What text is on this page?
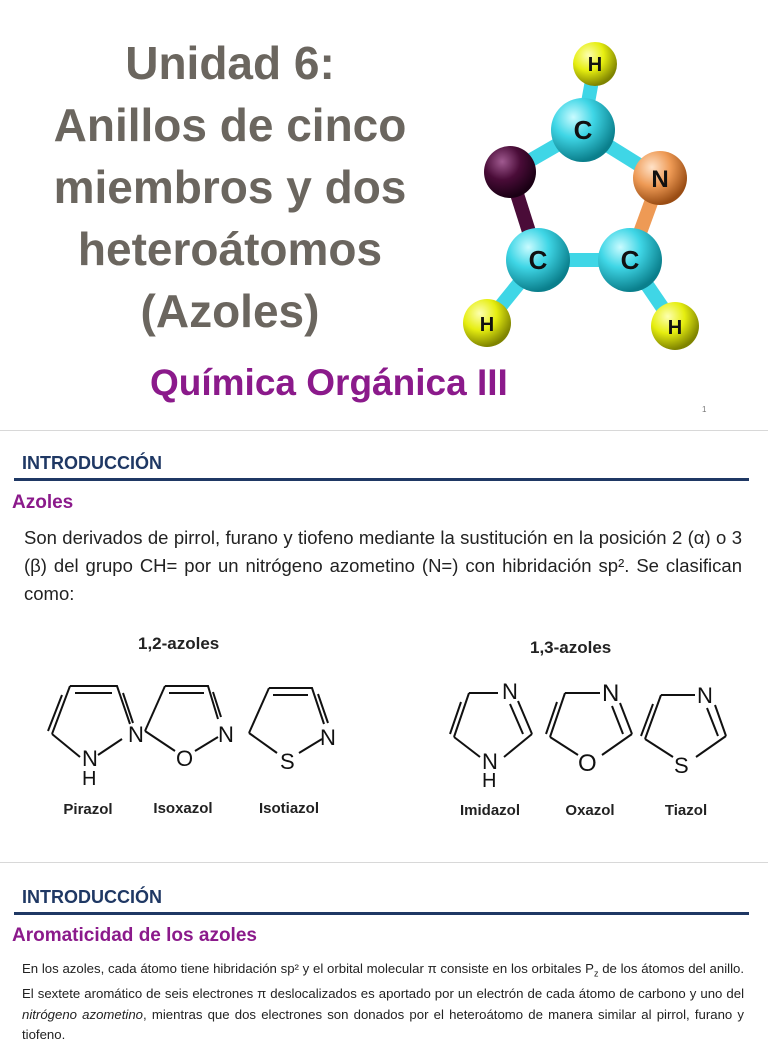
Unidad 6:
Anillos de cinco
miembros y dos
heteroátomos
(Azoles)
H
C
N
C	C
H	H
Química Orgánica III
1
INTRODUCCIÓN
Azoles

Son derivados de pirrol, furano y tiofeno mediante la sustitución en la posición 2 (α) o 3 (β) del grupo CH= por un nitrógeno azometino (N=) con hibridación sp². Se clasifican como:

1,2-azoles	1,3-azoles
N
N
H
N
O
N
S
Pirazol	Isoxazol	Isotiazol
N
N
H
N
O
N
S
Imidazol	Oxazol	Tiazol
INTRODUCCIÓN
Aromaticidad de los azoles

En los azoles, cada átomo tiene hibridación sp² y el orbital molecular π consiste en los orbitales $P_z$ de los átomos del anillo. El sextete aromático de seis electrones π deslocalizados es aportado por un electrón de cada átomo de carbono y uno del nitrógeno azometino, mientras que dos electrones son donados por el heteroátomo de manera similar al pirrol, furano y tiofeno.
